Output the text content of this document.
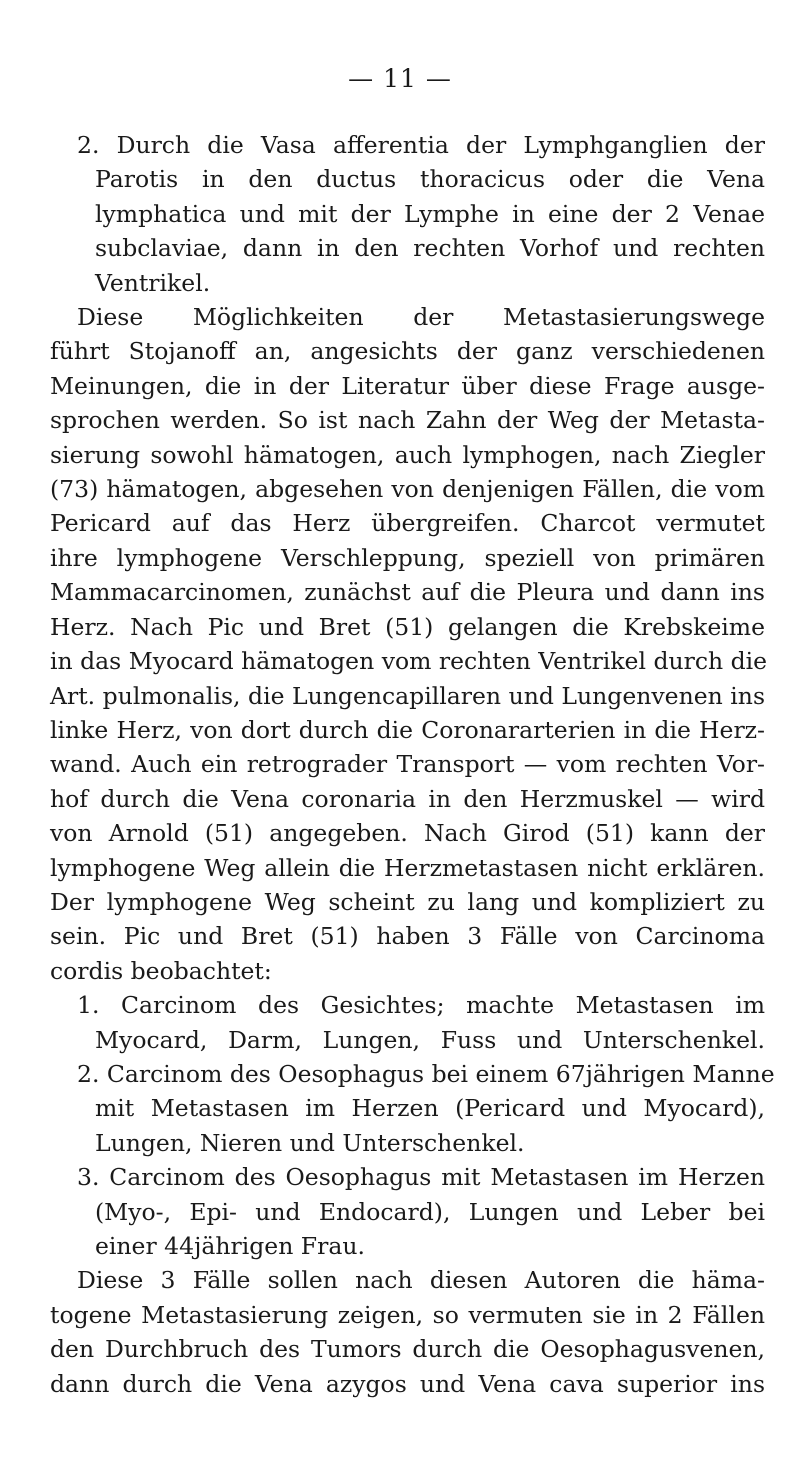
— 11 —
2. Durch die Vasa afferentia der Lymphganglien der
Parotis in den ductus thoracicus oder die Vena
lymphatica und mit der Lymphe in eine der 2 Venae
subclaviae, dann in den rechten Vorhof und rechten
Ventrikel.
Diese Möglichkeiten der Metastasierungswege
führt Stojanoff an, angesichts der ganz verschiedenen
Meinungen, die in der Literatur über diese Frage ausge-
sprochen werden. So ist nach Zahn der Weg der Metasta-
sierung sowohl hämatogen, auch lymphogen, nach Ziegler
(73) hämatogen, abgesehen von denjenigen Fällen, die vom
Pericard auf das Herz übergreifen. Charcot vermutet
ihre lymphogene Verschleppung, speziell von primären
Mammacarcinomen, zunächst auf die Pleura und dann ins
Herz. Nach Pic und Bret (51) gelangen die Krebskeime
in das Myocard hämatogen vom rechten Ventrikel durch die
Art. pulmonalis, die Lungencapillaren und Lungenvenen ins
linke Herz, von dort durch die Coronararterien in die Herz-
wand. Auch ein retrograder Transport — vom rechten Vor-
hof durch die Vena coronaria in den Herzmuskel — wird
von Arnold (51) angegeben. Nach Girod (51) kann der
lymphogene Weg allein die Herzmetastasen nicht erklären.
Der lymphogene Weg scheint zu lang und kompliziert zu
sein. Pic und Bret (51) haben 3 Fälle von Carcinoma
cordis beobachtet:
1. Carcinom des Gesichtes; machte Metastasen im
Myocard, Darm, Lungen, Fuss und Unterschenkel.
2. Carcinom des Oesophagus bei einem 67jährigen Manne
mit Metastasen im Herzen (Pericard und Myocard),
Lungen, Nieren und Unterschenkel.
3. Carcinom des Oesophagus mit Metastasen im Herzen
(Myo-, Epi- und Endocard), Lungen und Leber bei
einer 44jährigen Frau.
Diese 3 Fälle sollen nach diesen Autoren die häma-
togene Metastasierung zeigen, so vermuten sie in 2 Fällen
den Durchbruch des Tumors durch die Oesophagusvenen,
dann durch die Vena azygos und Vena cava superior ins
